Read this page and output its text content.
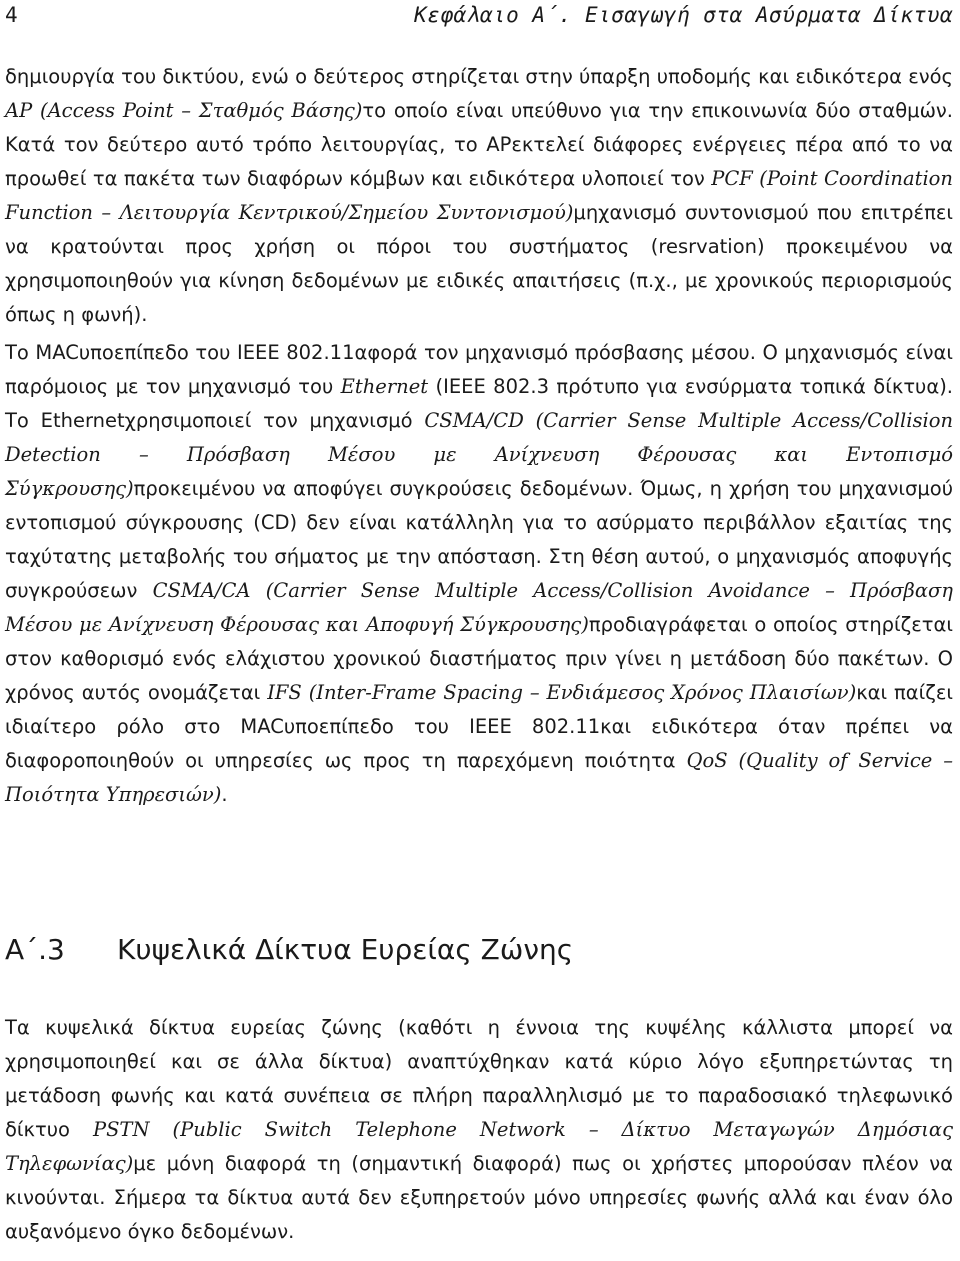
4	Κεφάλαιο Α΄. Εισαγωγή στα Ασύρματα Δίκτυα

δημιουργία του δικτύου, ενώ ο δεύτερος στηρίζεται στην ύπαρξη υποδομής και ειδικότερα ενός AP (Access Point – Σταθμός Βάσης)το οποίο είναι υπεύθυνο για την επικοινωνία δύο σταθμών. Κατά τον δεύτερο αυτό τρόπο λειτουργίας, το APεκτελεί διάφορες ενέργειες πέρα από το να προωθεί τα πακέτα των διαφόρων κόμβων και ειδικότερα υλοποιεί τον PCF (Point Coordination Function – Λειτουργία Κεντρικού/Σημείου Συντονισμού)μηχανισμό συντονισμού που επιτρέπει να κρατούνται προς χρήση οι πόροι του συστήματος (resrvation) προκειμένου να χρησιμοποιηθούν για κίνηση δεδομένων με ειδικές απαιτήσεις (π.χ., με χρονικούς περιορισμούς όπως η φωνή).

Το MACυποεπίπεδο του IEEE 802.11αφορά τον μηχανισμό πρόσβασης μέσου. Ο μηχανισμός είναι παρόμοιος με τον μηχανισμό του Ethernet (IEEE 802.3 πρότυπο για ενσύρματα τοπικά δίκτυα). Το Ethernetχρησιμοποιεί τον μηχανισμό CSMA/CD (Carrier Sense Multiple Access/Collision Detection – Πρόσβαση Μέσου με Ανίχνευση Φέρουσας και Εντοπισμό Σύγκρουσης)προκειμένου να αποφύγει συγκρούσεις δεδομένων. Όμως, η χρήση του μηχανισμού εντοπισμού σύγκρουσης (CD) δεν είναι κατάλληλη για το ασύρματο περιβάλλον εξαιτίας της ταχύτατης μεταβολής του σήματος με την απόσταση. Στη θέση αυτού, ο μηχανισμός αποφυγής συγκρούσεων CSMA/CA (Carrier Sense Multiple Access/Collision Avoidance – Πρόσβαση Μέσου με Ανίχνευση Φέρουσας και Αποφυγή Σύγκρουσης)προδιαγράφεται ο οποίος στηρίζεται στον καθορισμό ενός ελάχιστου χρονικού διαστήματος πριν γίνει η μετάδοση δύο πακέτων. Ο χρόνος αυτός ονομάζεται IFS (Inter-Frame Spacing – Ενδιάμεσος Χρόνος Πλαισίων)και παίζει ιδιαίτερο ρόλο στο MACυποεπίπεδο του IEEE 802.11και ειδικότερα όταν πρέπει να διαφοροποιηθούν οι υπηρεσίες ως προς τη παρεχόμενη ποιότητα QoS (Quality of Service – Ποιότητα Υπηρεσιών).

Α΄.3 Κυψελικά Δίκτυα Ευρείας Ζώνης

Τα κυψελικά δίκτυα ευρείας ζώνης (καθότι η έννοια της κυψέλης κάλλιστα μπορεί να χρησιμοποιηθεί και σε άλλα δίκτυα) αναπτύχθηκαν κατά κύριο λόγο εξυπηρετώντας τη μετάδοση φωνής και κατά συνέπεια σε πλήρη παραλληλισμό με το παραδοσιακό τηλεφωνικό δίκτυο PSTN (Public Switch Telephone Network – Δίκτυο Μεταγωγών Δημόσιας Τηλεφωνίας)με μόνη διαφορά τη (σημαντική διαφορά) πως οι χρήστες μπορούσαν πλέον να κινούνται. Σήμερα τα δίκτυα αυτά δεν εξυπηρετούν μόνο υπηρεσίες φωνής αλλά και έναν όλο αυξανόμενο όγκο δεδομένων.
